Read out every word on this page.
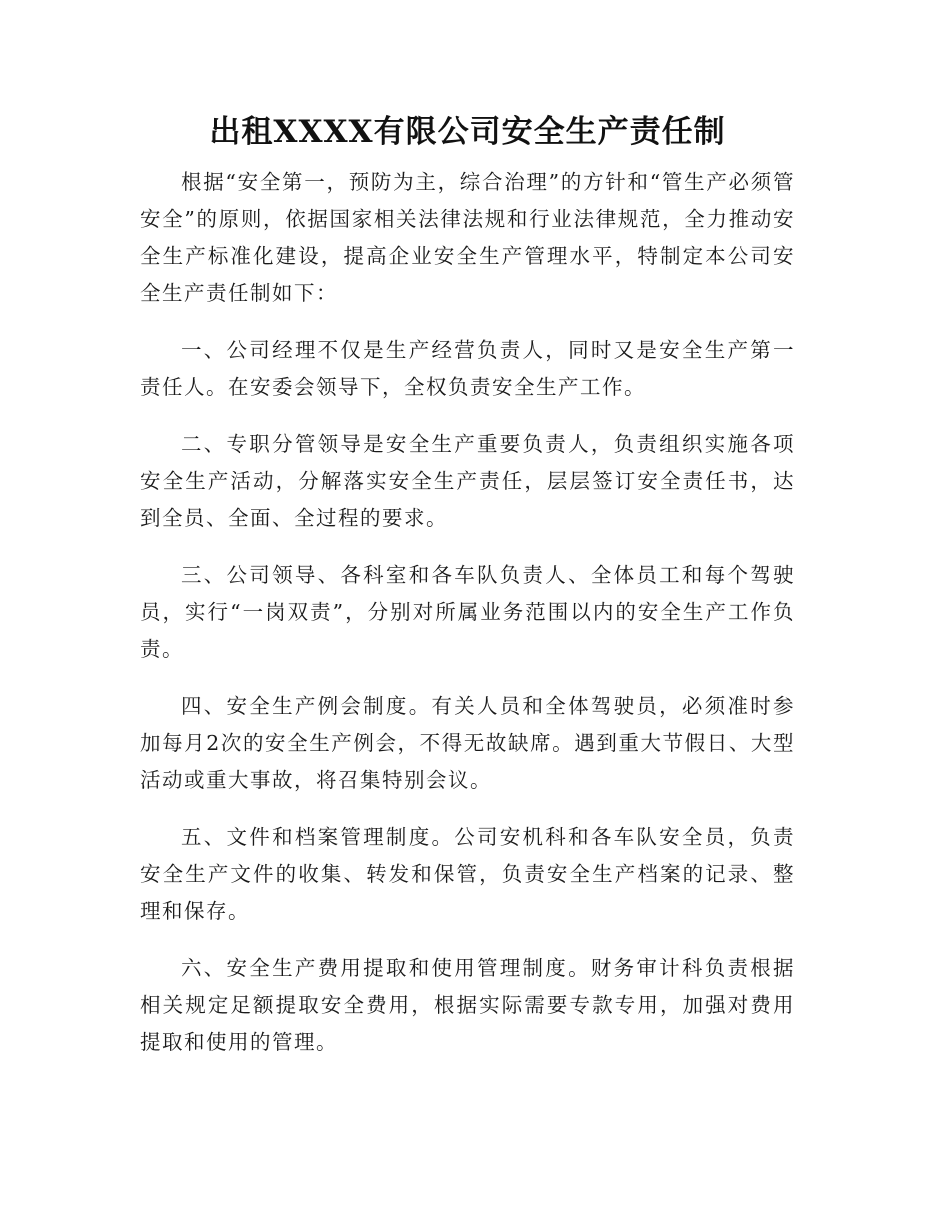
出租XXXX有限公司安全生产责任制

根据“安全第一，预防为主，综合治理”的方针和“管生产必须管安全”的原则，依据国家相关法律法规和行业法律规范，全力推动安全生产标准化建设，提高企业安全生产管理水平，特制定本公司安全生产责任制如下：

一、公司经理不仅是生产经营负责人，同时又是安全生产第一责任人。在安委会领导下，全权负责安全生产工作。

二、专职分管领导是安全生产重要负责人，负责组织实施各项安全生产活动，分解落实安全生产责任，层层签订安全责任书，达到全员、全面、全过程的要求。

三、公司领导、各科室和各车队负责人、全体员工和每个驾驶员，实行“一岗双责”，分别对所属业务范围以内的安全生产工作负责。

四、安全生产例会制度。有关人员和全体驾驶员，必须准时参加每月2次的安全生产例会，不得无故缺席。遇到重大节假日、大型活动或重大事故，将召集特别会议。

五、文件和档案管理制度。公司安机科和各车队安全员，负责安全生产文件的收集、转发和保管，负责安全生产档案的记录、整理和保存。

六、安全生产费用提取和使用管理制度。财务审计科负责根据相关规定足额提取安全费用，根据实际需要专款专用，加强对费用提取和使用的管理。
